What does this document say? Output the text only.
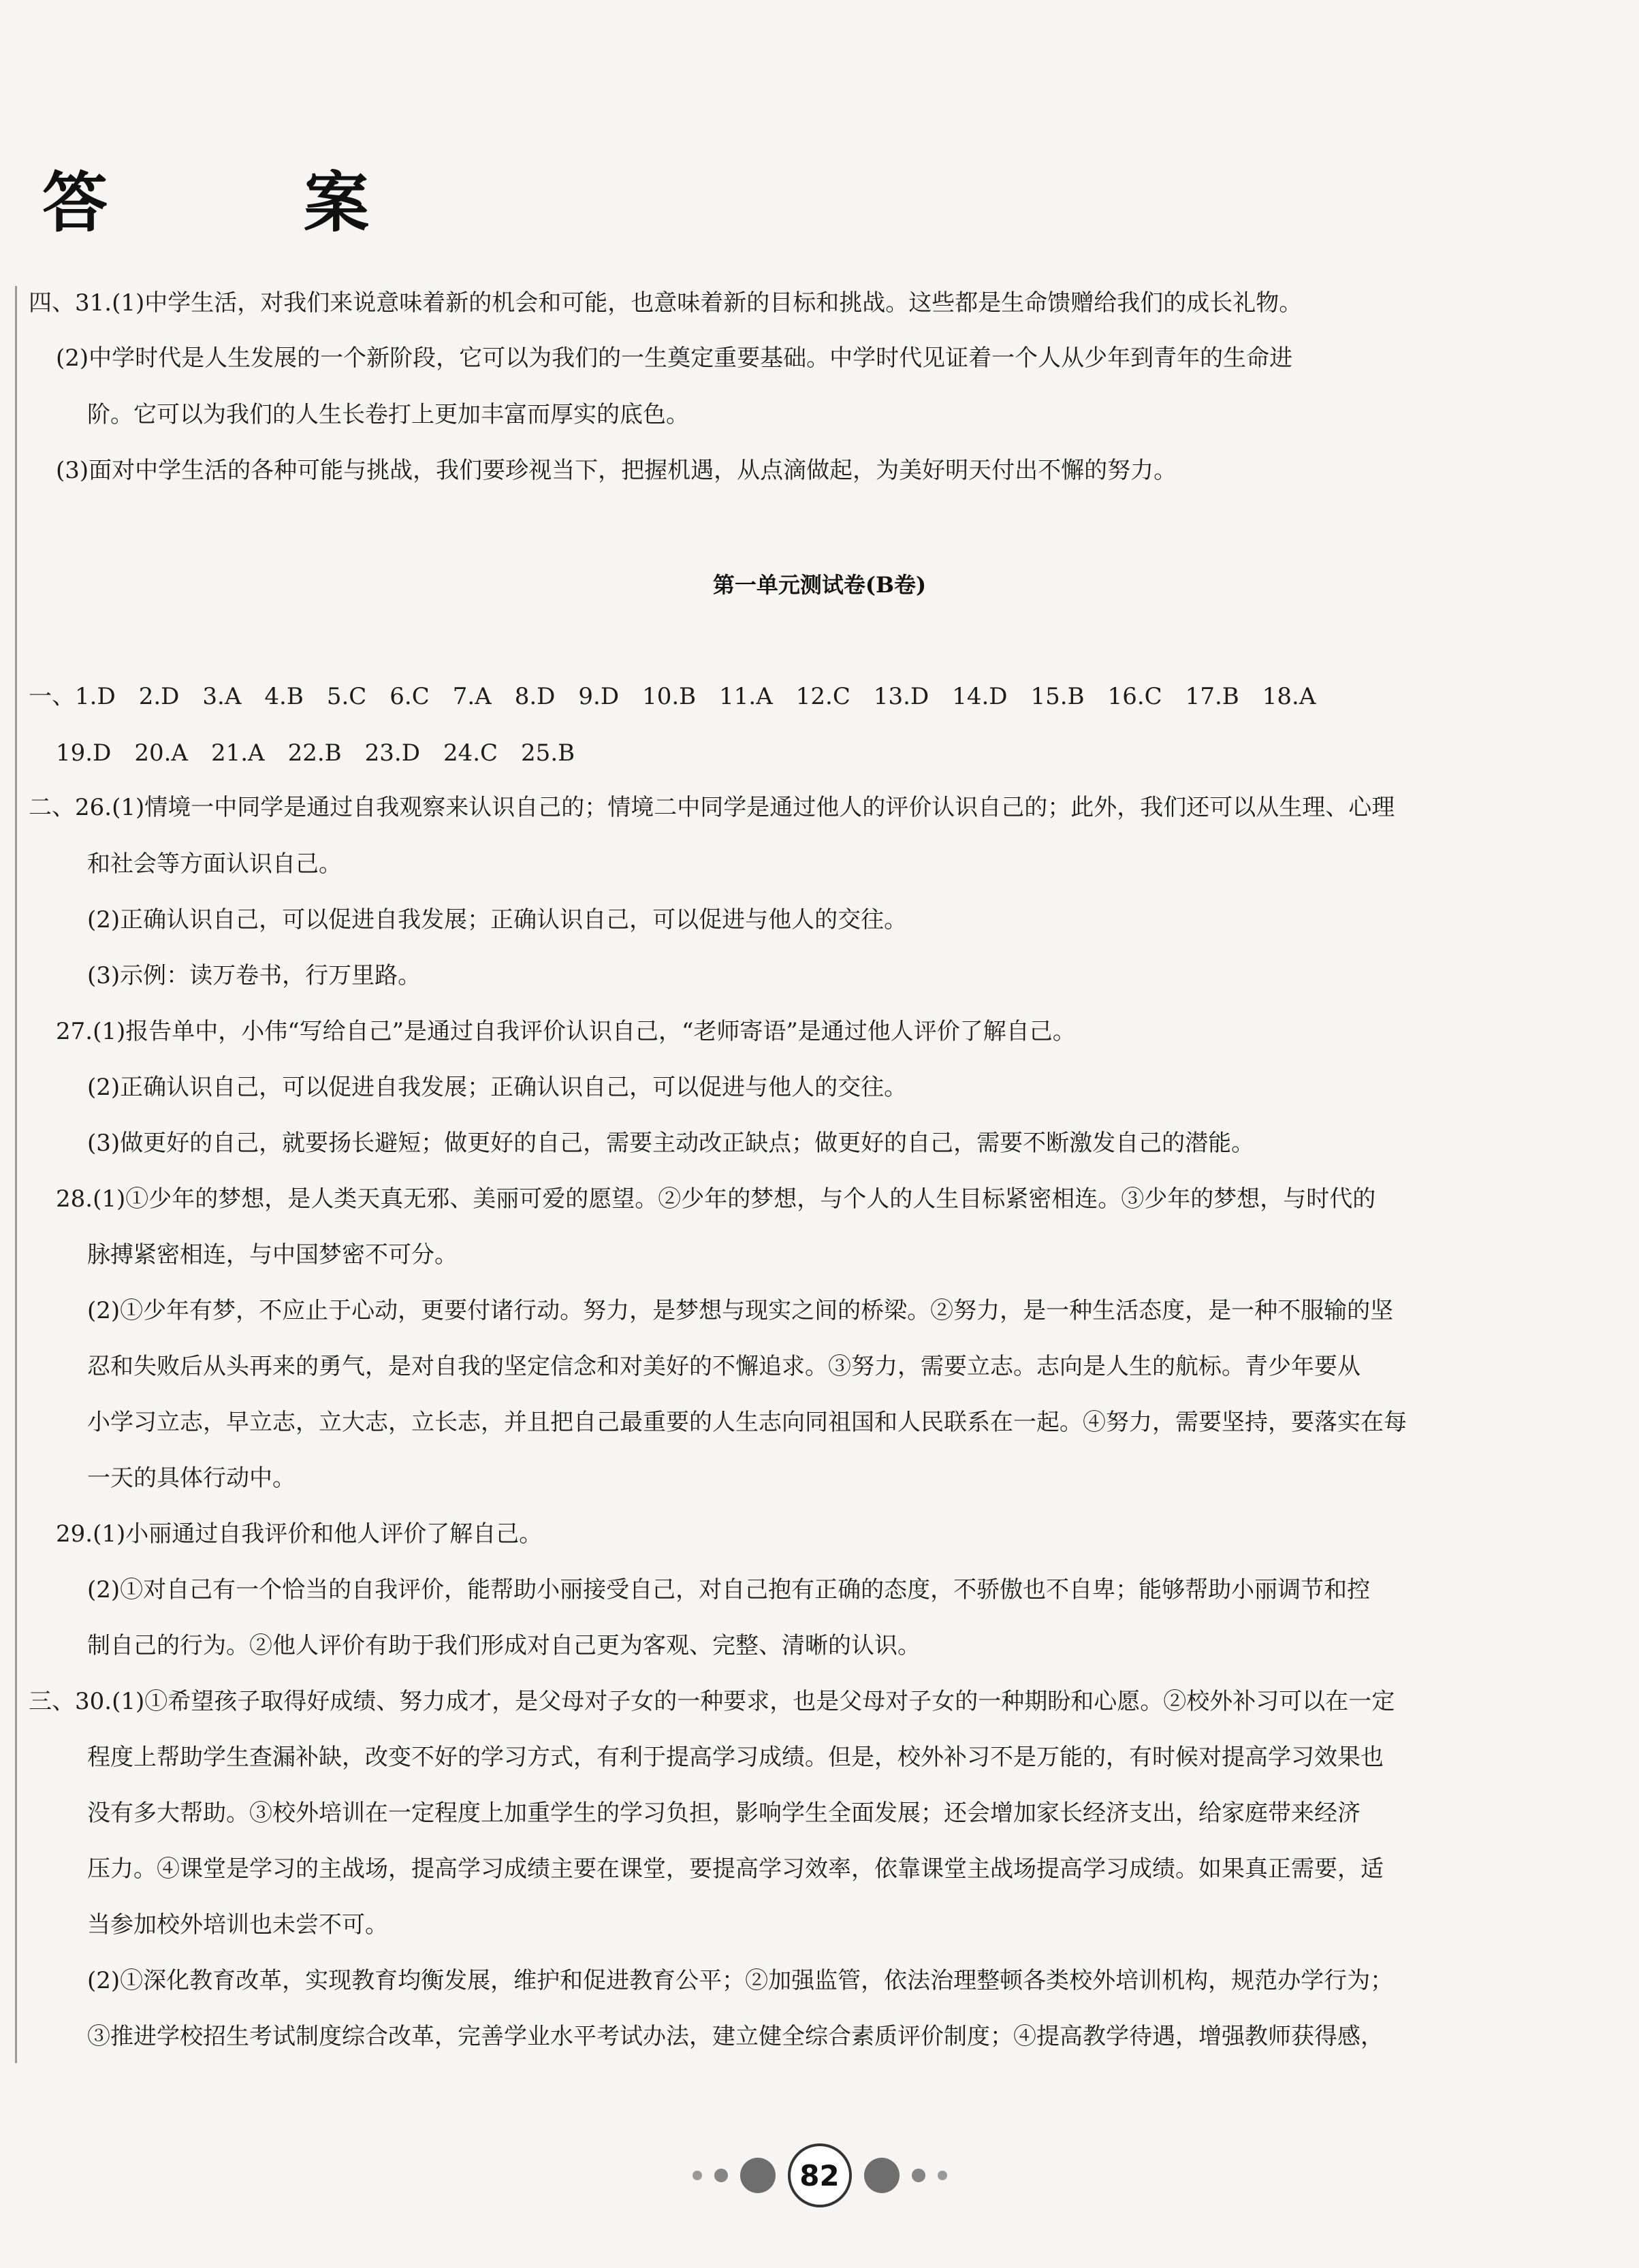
答　案
四、31.(1)中学生活，对我们来说意味着新的机会和可能，也意味着新的目标和挑战。这些都是生命馈赠给我们的成长礼物。
(2)中学时代是人生发展的一个新阶段，它可以为我们的一生奠定重要基础。中学时代见证着一个人从少年到青年的生命进
阶。它可以为我们的人生长卷打上更加丰富而厚实的底色。
(3)面对中学生活的各种可能与挑战，我们要珍视当下，把握机遇，从点滴做起，为美好明天付出不懈的努力。
第一单元测试卷(B卷)
一、1.D　2.D　3.A　4.B　5.C　6.C　7.A　8.D　9.D　10.B　11.A　12.C　13.D　14.D　15.B　16.C　17.B　18.A
19.D　20.A　21.A　22.B　23.D　24.C　25.B
二、26.(1)情境一中同学是通过自我观察来认识自己的；情境二中同学是通过他人的评价认识自己的；此外，我们还可以从生理、心理
和社会等方面认识自己。
(2)正确认识自己，可以促进自我发展；正确认识自己，可以促进与他人的交往。
(3)示例：读万卷书，行万里路。
27.(1)报告单中，小伟“写给自己”是通过自我评价认识自己，“老师寄语”是通过他人评价了解自己。
(2)正确认识自己，可以促进自我发展；正确认识自己，可以促进与他人的交往。
(3)做更好的自己，就要扬长避短；做更好的自己，需要主动改正缺点；做更好的自己，需要不断激发自己的潜能。
28.(1)①少年的梦想，是人类天真无邪、美丽可爱的愿望。②少年的梦想，与个人的人生目标紧密相连。③少年的梦想，与时代的
脉搏紧密相连，与中国梦密不可分。
(2)①少年有梦，不应止于心动，更要付诸行动。努力，是梦想与现实之间的桥梁。②努力，是一种生活态度，是一种不服输的坚
忍和失败后从头再来的勇气，是对自我的坚定信念和对美好的不懈追求。③努力，需要立志。志向是人生的航标。青少年要从
小学习立志，早立志，立大志，立长志，并且把自己最重要的人生志向同祖国和人民联系在一起。④努力，需要坚持，要落实在每
一天的具体行动中。
29.(1)小丽通过自我评价和他人评价了解自己。
(2)①对自己有一个恰当的自我评价，能帮助小丽接受自己，对自己抱有正确的态度，不骄傲也不自卑；能够帮助小丽调节和控
制自己的行为。②他人评价有助于我们形成对自己更为客观、完整、清晰的认识。
三、30.(1)①希望孩子取得好成绩、努力成才，是父母对子女的一种要求，也是父母对子女的一种期盼和心愿。②校外补习可以在一定
程度上帮助学生查漏补缺，改变不好的学习方式，有利于提高学习成绩。但是，校外补习不是万能的，有时候对提高学习效果也
没有多大帮助。③校外培训在一定程度上加重学生的学习负担，影响学生全面发展；还会增加家长经济支出，给家庭带来经济
压力。④课堂是学习的主战场，提高学习成绩主要在课堂，要提高学习效率，依靠课堂主战场提高学习成绩。如果真正需要，适
当参加校外培训也未尝不可。
(2)①深化教育改革，实现教育均衡发展，维护和促进教育公平；②加强监管，依法治理整顿各类校外培训机构，规范办学行为；
③推进学校招生考试制度综合改革，完善学业水平考试办法，建立健全综合素质评价制度；④提高教学待遇，增强教师获得感，
82
